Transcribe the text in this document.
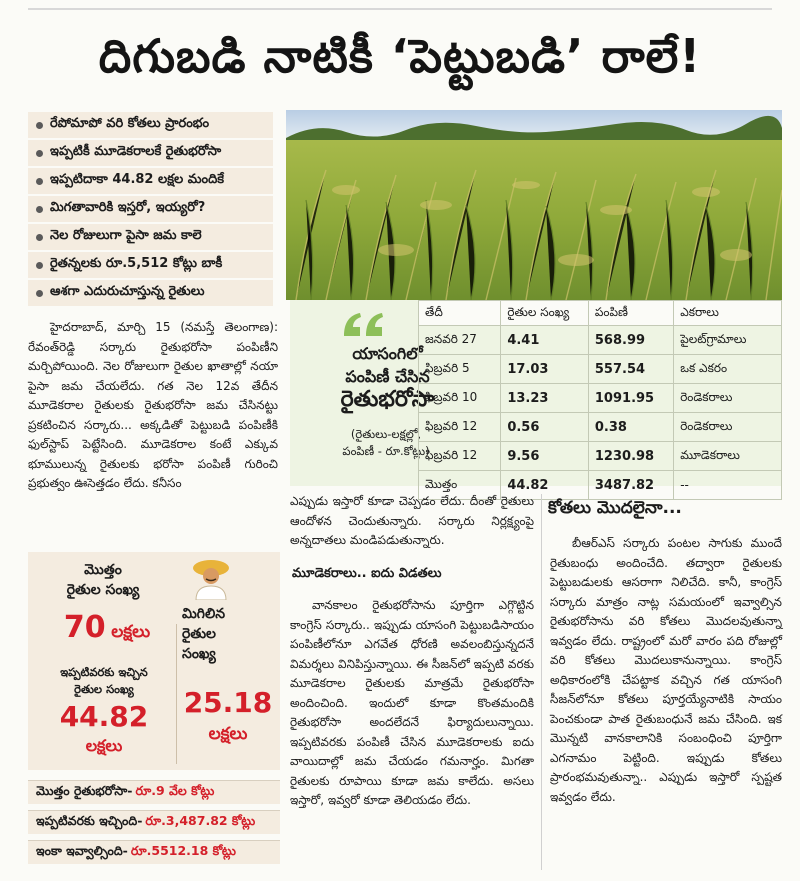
దిగుబడి నాటికీ ‘పెట్టుబడి’ రాలే!
రేపోమాపో వరి కోతలు ప్రారంభం
ఇప్పటికీ మూడెకరాలకే రైతుభరోసా
ఇప్పటిదాకా 44.82 లక్షల మందికే
మిగతావారికి ఇస్తరో, ఇయ్యరో?
నెల రోజులుగా పైసా జమ కాలె
రైతన్నలకు రూ.5,512 కోట్లు బాకీ
ఆశగా ఎదురుచూస్తున్న రైతులు
యాసంగిలో
పంపిణీ చేసిన
రైతుభరోసా
(రైతులు-లక్షల్లో,
పంపిణీ - రూ.కోట్లు)
తేదీ	రైతుల సంఖ్య	పంపిణీ	ఎకరాలు
జనవరి 27	4.41	568.99	పైలట్‌గ్రామాలు
ఫిబ్రవరి 5	17.03	557.54	ఒక ఎకరం
ఫిబ్రవరి 10	13.23	1091.95	రెండెకరాలు
ఫిబ్రవరి 12	0.56	0.38	రెండెకరాలు
ఫిబ్రవరి 12	9.56	1230.98	మూడెకరాలు
మొత్తం	44.82	3487.82	--

హైదరాబాద్, మార్చి 15 (నమస్తే తెలంగాణ): రేవంత్‌రెడ్డి సర్కారు రైతుభరోసా పంపిణీని మర్చిపోయింది. నెల రోజులుగా రైతుల ఖాతాల్లో నయా పైసా జమ చేయలేదు. గత నెల 12వ తేదీన మూడెకరాల రైతులకు రైతుభరోసా జమ చేసినట్టు ప్రకటించిన సర్కారు... అక్కడితో పెట్టుబడి పంపిణీకి ఫుల్‌స్టాప్ పెట్టేసింది. మూడెకరాల కంటే ఎక్కువ భూములున్న రైతులకు భరోసా పంపిణీ గురించి ప్రభుత్వం ఊసెత్తడం లేదు. కనీసం

ఎప్పుడు ఇస్తారో కూడా చెప్పడం లేదు. దీంతో రైతులు ఆందోళన చెందుతున్నారు. సర్కారు నిర్లక్ష్యంపై అన్నదాతలు మండిపడుతున్నారు.

మూడెకరాలు.. ఐదు విడతలు

వానకాలం రైతుభరోసాను పూర్తిగా ఎగ్గొట్టిన కాంగ్రెస్ సర్కారు.. ఇప్పుడు యాసంగి పెట్టుబడిసాయం పంపిణీలోనూ ఎగవేత ధోరణి అవలంబిస్తున్నదనే విమర్శలు వినిపిస్తున్నాయి. ఈ సీజన్‌లో ఇప్పటి వరకు మూడెకరాల రైతులకు మాత్రమే రైతుభరోసా అందించింది. ఇందులో కూడా కొంతమందికి రైతుభరోసా అందలేదనే ఫిర్యాదులున్నాయి. ఇప్పటివరకు పంపిణీ చేసిన మూడెకరాలకు ఐదు వాయిదాల్లో జమ చేయడం గమనార్హం. మిగతా రైతులకు రూపాయి కూడా జమ కాలేదు. అసలు ఇస్తారో, ఇవ్వరో కూడా తెలియడం లేదు.

కోతలు మొదలైనా...

బీఆర్‌ఎస్ సర్కారు పంటల సాగుకు ముందే రైతుబంధు అందించేది. తద్వారా రైతులకు పెట్టుబడులకు ఆసరాగా నిలిచేది. కానీ, కాంగ్రెస్ సర్కారు మాత్రం నాట్ల సమయంలో ఇవ్వాల్సిన రైతుభరోసాను వరి కోతలు మొదలవుతున్నా ఇవ్వడం లేదు. రాష్ట్రంలో మరో వారం పది రోజుల్లో వరి కోతలు మొదలుకానున్నాయి. కాంగ్రెస్ అధికారంలోకి చేపట్టాక వచ్చిన గత యాసంగి సీజన్‌లోనూ కోతలు పూర్తయ్యేనాటికి సాయం పెంచకుండా పాత రైతుబంధునే జమ చేసింది. ఇక మొన్నటి వానకాలానికి సంబంధించి పూర్తిగా ఎగనామం పెట్టింది. ఇప్పుడు కోతలు ప్రారంభమవుతున్నా.. ఎప్పుడు ఇస్తారో స్పష్టత ఇవ్వడం లేదు.

మొత్తం
రైతుల సంఖ్య
70 లక్షలు
మిగిలిన
రైతుల
సంఖ్య
25.18
లక్షలు
ఇప్పటివరకు ఇచ్చిన
రైతుల సంఖ్య
44.82
లక్షలు
మొత్తం రైతుభరోసా- రూ.9 వేల కోట్లు
ఇప్పటివరకు ఇచ్చింది- రూ.3,487.82 కోట్లు
ఇంకా ఇవ్వాల్సింది- రూ.5512.18 కోట్లు
